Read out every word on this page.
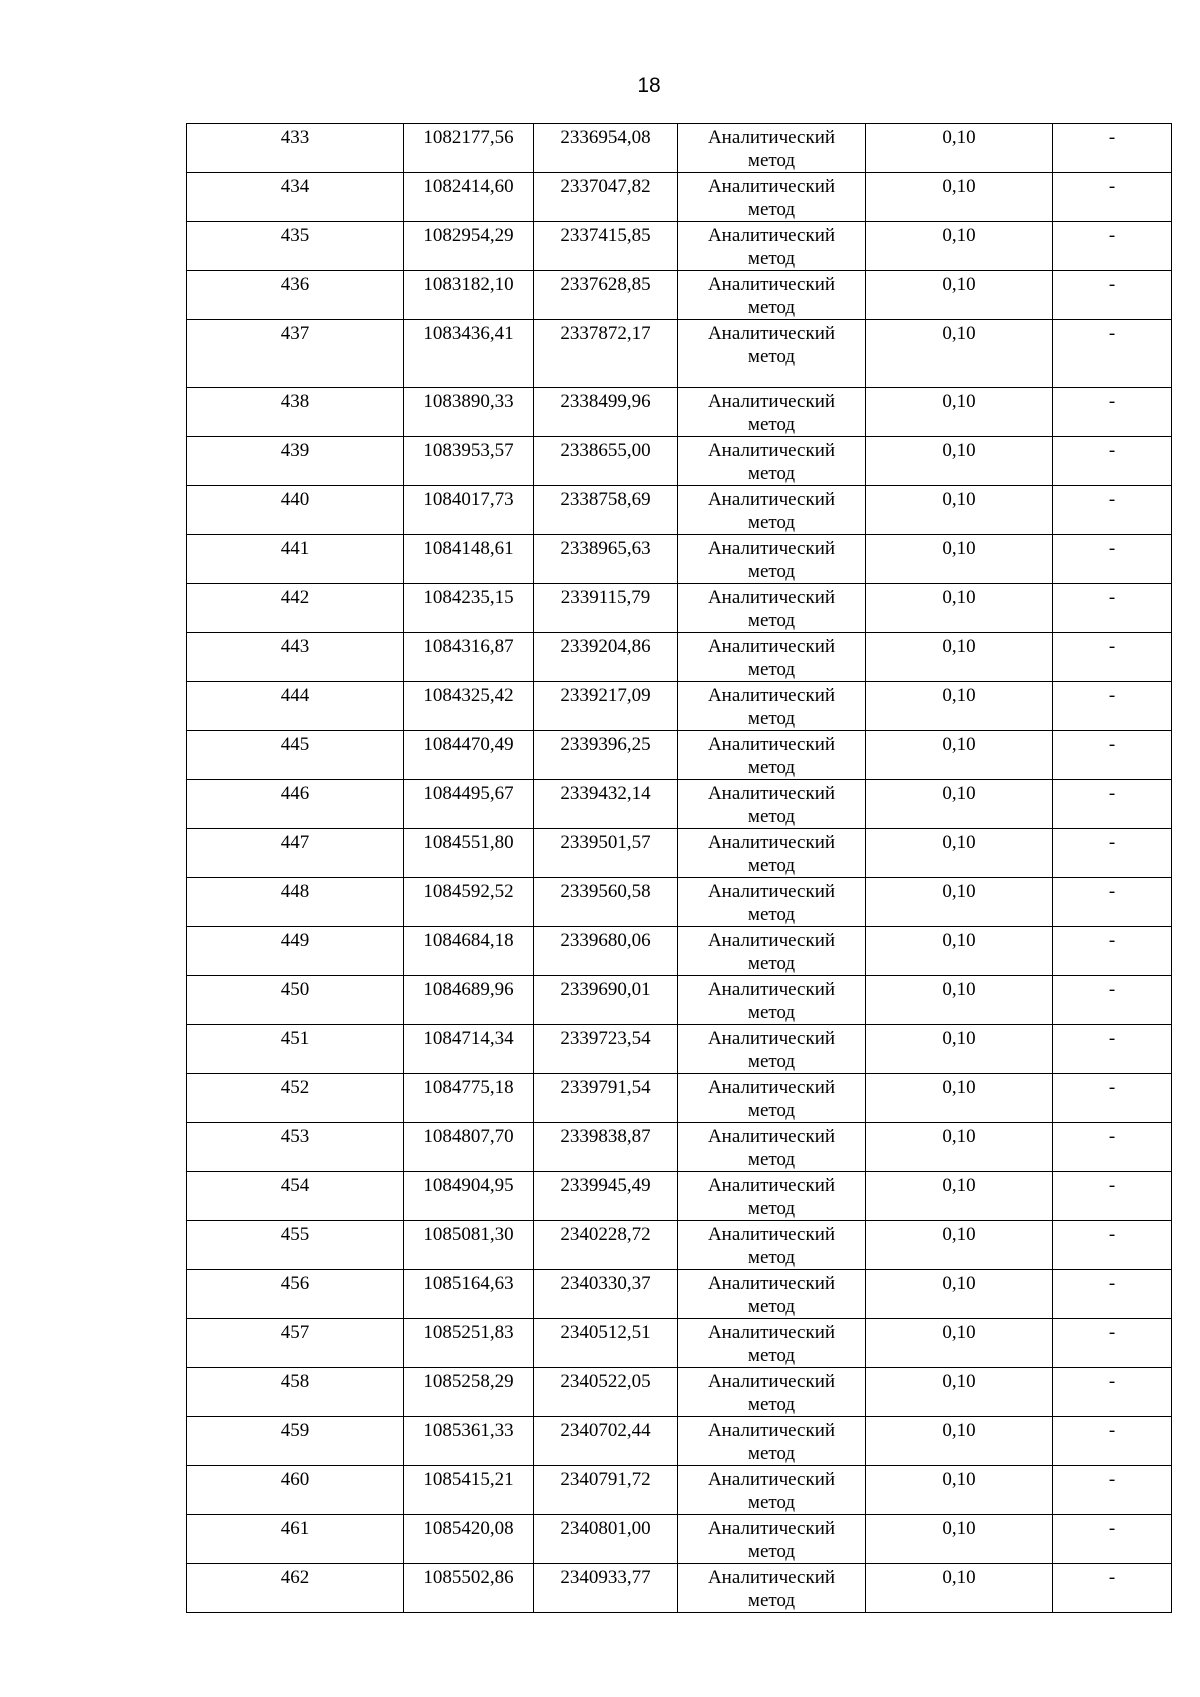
18
433	1082177,56	2336954,08	Аналитический метод	0,10	-
434	1082414,60	2337047,82	Аналитический метод	0,10	-
435	1082954,29	2337415,85	Аналитический метод	0,10	-
436	1083182,10	2337628,85	Аналитический метод	0,10	-
437	1083436,41	2337872,17	Аналитический метод	0,10	-
438	1083890,33	2338499,96	Аналитический метод	0,10	-
439	1083953,57	2338655,00	Аналитический метод	0,10	-
440	1084017,73	2338758,69	Аналитический метод	0,10	-
441	1084148,61	2338965,63	Аналитический метод	0,10	-
442	1084235,15	2339115,79	Аналитический метод	0,10	-
443	1084316,87	2339204,86	Аналитический метод	0,10	-
444	1084325,42	2339217,09	Аналитический метод	0,10	-
445	1084470,49	2339396,25	Аналитический метод	0,10	-
446	1084495,67	2339432,14	Аналитический метод	0,10	-
447	1084551,80	2339501,57	Аналитический метод	0,10	-
448	1084592,52	2339560,58	Аналитический метод	0,10	-
449	1084684,18	2339680,06	Аналитический метод	0,10	-
450	1084689,96	2339690,01	Аналитический метод	0,10	-
451	1084714,34	2339723,54	Аналитический метод	0,10	-
452	1084775,18	2339791,54	Аналитический метод	0,10	-
453	1084807,70	2339838,87	Аналитический метод	0,10	-
454	1084904,95	2339945,49	Аналитический метод	0,10	-
455	1085081,30	2340228,72	Аналитический метод	0,10	-
456	1085164,63	2340330,37	Аналитический метод	0,10	-
457	1085251,83	2340512,51	Аналитический метод	0,10	-
458	1085258,29	2340522,05	Аналитический метод	0,10	-
459	1085361,33	2340702,44	Аналитический метод	0,10	-
460	1085415,21	2340791,72	Аналитический метод	0,10	-
461	1085420,08	2340801,00	Аналитический метод	0,10	-
462	1085502,86	2340933,77	Аналитический метод	0,10	-
